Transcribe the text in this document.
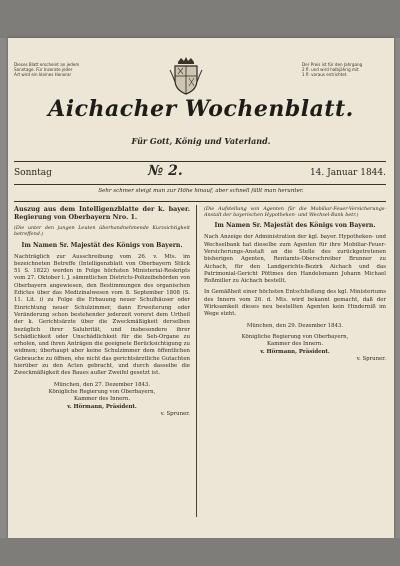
Dieses Blatt erscheint an jedem
Sonntage. Für Inserate jeder
Art wird ein kleines Honorar
Der Preis ist für den Jahrgang
2 fl. und wird halbjährig mit
1 fl. voraus entrichtet.
Aichacher Wochenblatt.
Für Gott, König und Vaterland.
Sonntag	№ 2.	14. Januar 1844.
Sehr schmer steigt man zur Höhe hinauf, aber schnell fällt man herunter.

Auszug aus dem Intelligenzblatte der k. bayer. Regierung von Oberbayern Nro. 1.

(Die unter den jungen Leuten überhandnehmende Kurzsichtigkeit betreffend.)

Im Namen Sr. Majestät des Königs von Bayern.

Nachträglich zur Ausschreibung vom 26. v. Mts. im bezeichneten Betreffe (Intelligenzblatt von Oberbayern Stück 51 S. 1822) werden in Folge höchsten Ministerial-Reskripts vom 27. Oktober l. J. sämmtlichen Districts-Polizeibehörden von Oberbayern angewiesen, den Bestimmungen des organischen Edictes über das Medizinalwesen vom 8. September 1808 (S. 11. Lit. i) zu Folge die Erbauung neuer Schulhäuser oder Einrichtung neuer Schulzimmer, dann Erweiterung oder Veränderung schon bestehender jederzeit vorerst dem Urtheil der k. Gerichtsärzte über die Zweckmäßigkeit derselben bezüglich ihrer Salubrität, und insbesondere ihrer Schädlichkeit oder Unschädlichkeit für die Seh-Organe zu erholen, und ihren Anträgen die geeignete Berücksichtigung zu widmen; überhaupt aber keine Schulzimmer dem öffentlichen Gebrauche zu öffnen, ehe nicht das gerichtsärztliche Gutachten hierüber zu den Acten gebracht, und durch dasselbe die Zweckmäßigkeit des Baues außer Zweifel gesetzt ist.

München, den 27. Dezember 1843.

Königliche Regierung von Oberbayern,

Kammer des Innern.

v. Hörmann, Präsident.

v. Spruner.

(Die Aufstellung von Agenten für die Mobiliar-Feuer-Versicherungs-Anstalt der bayerischen Hypotheken- und Wechsel-Bank betr.)

Im Namen Sr. Majestät des Königs von Bayern.

Nach Anzeige der Administration der kgl. bayer. Hypotheken- und Wechselbank hat dieselbe zum Agenten für ihre Mobiliar-Feuer-Versicherungs-Anstalt an die Stelle des zurückgetretenen bisherigen Agenten, Rentamts-Oberschreiber Brunner zu Aichach, für den Landgerichts-Bezirk Aichach und das Patrimonial-Gericht Pöttmes den Handelsmann Johann Michael Roßmiller zu Aichach bestellt.

In Gemäßheit einer höchsten Entschließung des kgl. Ministeriums des Innern vom 26. d. Mts. wird bekannt gemacht, daß der Wirksamkeit dieses neu bestellten Agenten kein Hinderniß im Wege steht.

München, den 29. Dezember 1843.

Königliche Regierung von Oberbayern,

Kammer des Innern.

v. Hörmann, Präsident.

v. Spruner.
